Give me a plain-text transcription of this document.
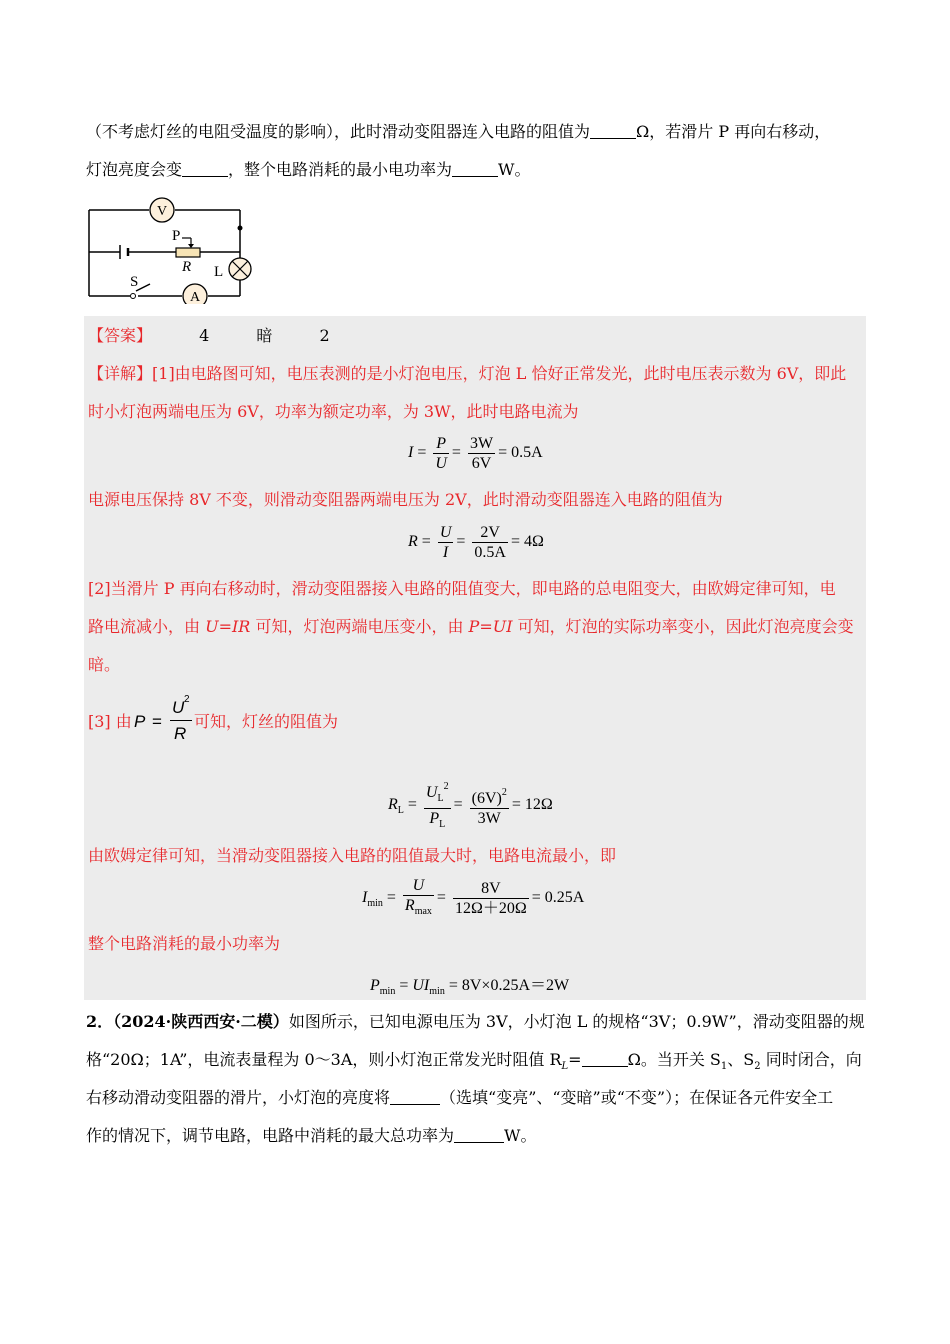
（不考虑灯丝的电阻受温度的影响），此时滑动变阻器连入电路的阻值为	Ω，若滑片 P 再向右移动，
灯泡亮度会变	，整个电路消耗的最小电功率为	W。
V
A
P
R L
S
【答案】	4	暗	2
【详解】[1]由电路图可知，电压表测的是小灯泡电压，灯泡 L 恰好正常发光，此时电压表示数为 6V，即此
时小灯泡两端电压为 6V，功率为额定功率，为 3W，此时电路电流为
$I = \frac{P}{U} = \frac{3W}{6V} = 0.5A$
电源电压保持 8V 不变，则滑动变阻器两端电压为 2V，此时滑动变阻器连入电路的阻值为
$R = \frac{U}{I} = \frac{2V}{0.5A} = 4\Omega$
[2]当滑片 P 再向右移动时，滑动变阻器接入电路的阻值变大，即电路的总电阻变大，由欧姆定律可知，电
路电流减小，由 U=IR 可知，灯泡两端电压变小，由 P=UI 可知，灯泡的实际功率变小，因此灯泡亮度会变
暗。
[3] 由 P =
U 2
R
可知，灯丝的阻值为
$R_L = \frac{U_L^2}{P_L} = \frac{(6V)^2}{3W} = 12\Omega$
由欧姆定律可知，当滑动变阻器接入电路的阻值最大时，电路电流最小，即
$I_{min} = \frac{U}{R_{max}} = \frac{8V}{12\Omega+20\Omega} = 0.25A$
整个电路消耗的最小功率为
$P_{min} = UI_{min} = 8V\times 0.25A=2W$
2．（2024·陕西西安·二模）如图所示，已知电源电压为 3V，小灯泡 L 的规格“3V；0.9W”，滑动变阻器的规
格“20Ω；1A”，电流表量程为 0～3A，则小灯泡正常发光时阻值 $R_L=$	Ω。当开关 $S_1$、$S_2$ 同时闭合，向
右移动滑动变阻器的滑片，小灯泡的亮度将	（选填“变亮”、“变暗”或“不变”）；在保证各元件安全工
作的情况下，调节电路，电路中消耗的最大总功率为	W。
